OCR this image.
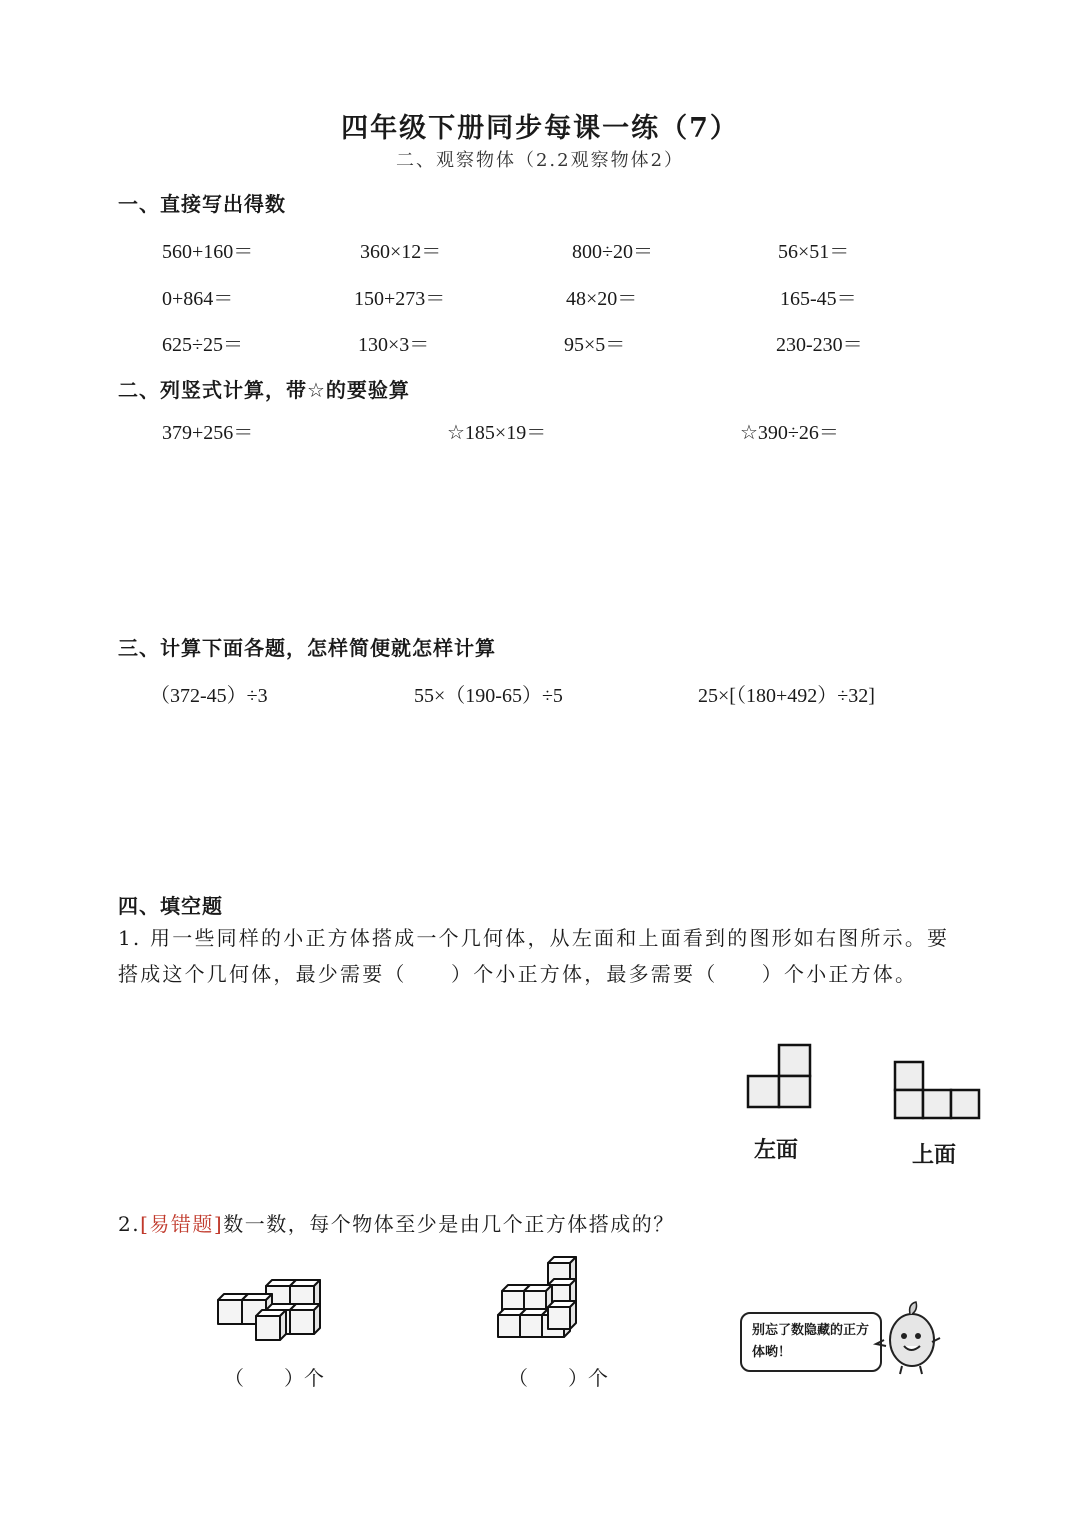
四年级下册同步每课一练（7）
二、观察物体（2.2观察物体2）
一、直接写出得数
560+160＝	360×12＝	800÷20＝	56×51＝
0+864＝	150+273＝	48×20＝	165-45＝
625÷25＝	130×3＝	95×5＝	230-230＝
二、列竖式计算，带☆的要验算
379+256＝	☆185×19＝	☆390÷26＝
三、计算下面各题，怎样简便就怎样计算
（372-45）÷3	55×（190-65）÷5	25×[（180+492）÷32]
四、填空题
1. 用一些同样的小正方体搭成一个几何体，从左面和上面看到的图形如右图所示。要搭成这个几何体，最少需要（　　）个小正方体，最多需要（　　）个小正方体。
左面	上面
2.[易错题]数一数，每个物体至少是由几个正方体搭成的？
（　　）个	（　　）个
别忘了数隐藏的正方体哟！
